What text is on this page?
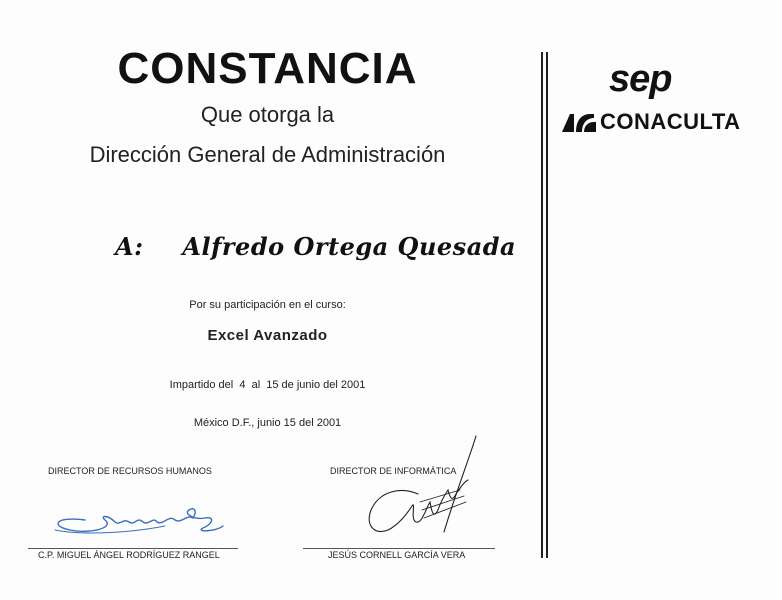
CONSTANCIA
Que otorga la
Dirección General de Administración
A: Alfredo Ortega Quesada
Por su participación en el curso:
Excel Avanzado
Impartido del  4  al  15 de junio del 2001
México D.F., junio 15 del 2001
DIRECTOR DE RECURSOS HUMANOS
C.P. MIGUEL ÁNGEL RODRÍGUEZ RANGEL
DIRECTOR DE INFORMÁTICA
JESÚS CORNELL GARCÍA VERA
sep
CONACULTA
